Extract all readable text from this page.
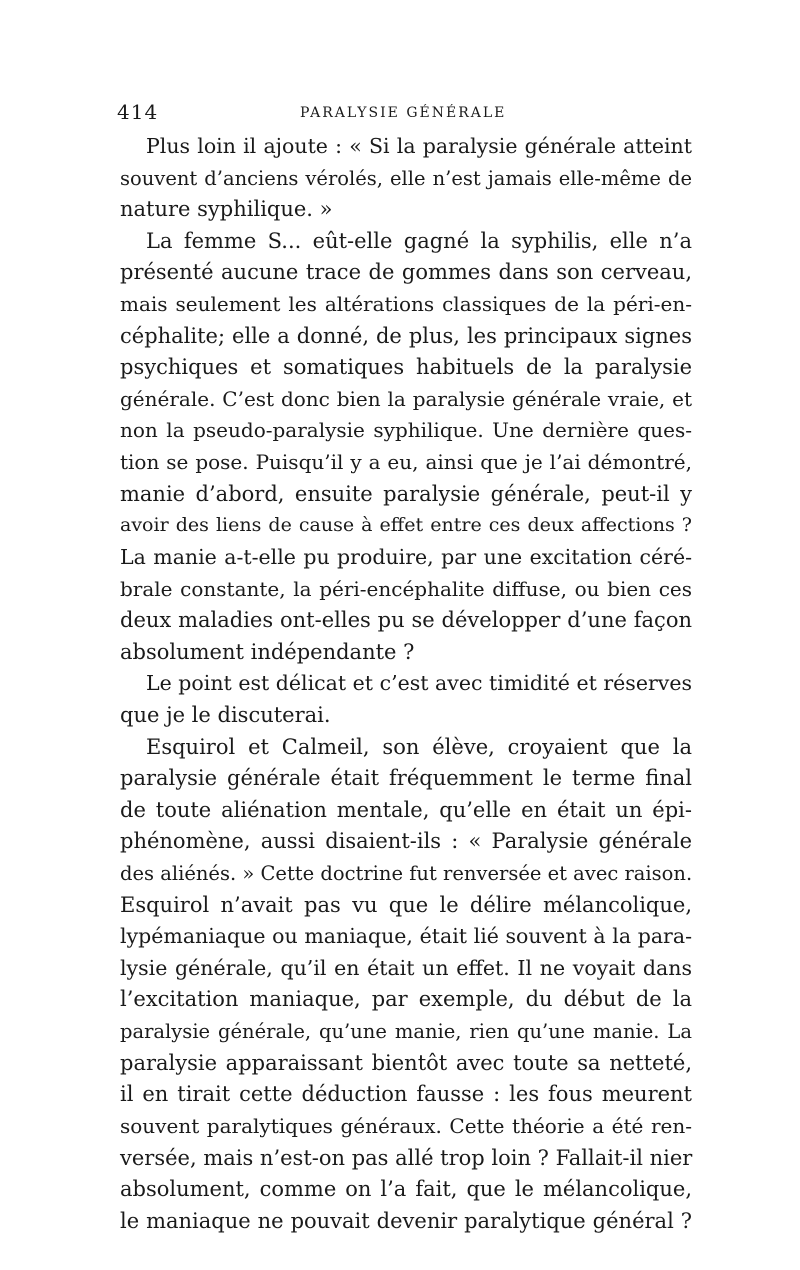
414	PARALYSIE GÉNÉRALE
Plus loin il ajoute : « Si la paralysie générale atteint
souvent d’anciens vérolés, elle n’est jamais elle-même de
nature syphilique. »
La femme S... eût-elle gagné la syphilis, elle n’a
présenté aucune trace de gommes dans son cerveau,
mais seulement les altérations classiques de la péri-en-
céphalite; elle a donné, de plus, les principaux signes
psychiques et somatiques habituels de la paralysie
générale. C’est donc bien la paralysie générale vraie, et
non la pseudo-paralysie syphilique. Une dernière ques-
tion se pose. Puisqu’il y a eu, ainsi que je l’ai démontré,
manie d’abord, ensuite paralysie générale, peut-il y
avoir des liens de cause à effet entre ces deux affections ?
La manie a-t-elle pu produire, par une excitation céré-
brale constante, la péri-encéphalite diffuse, ou bien ces
deux maladies ont-elles pu se développer d’une façon
absolument indépendante ?
Le point est délicat et c’est avec timidité et réserves
que je le discuterai.
Esquirol et Calmeil, son élève, croyaient que la
paralysie générale était fréquemment le terme final
de toute aliénation mentale, qu’elle en était un épi-
phénomène, aussi disaient-ils : « Paralysie générale
des aliénés. » Cette doctrine fut renversée et avec raison.
Esquirol n’avait pas vu que le délire mélancolique,
lypémaniaque ou maniaque, était lié souvent à la para-
lysie générale, qu’il en était un effet. Il ne voyait dans
l’excitation maniaque, par exemple, du début de la
paralysie générale, qu’une manie, rien qu’une manie. La
paralysie apparaissant bientôt avec toute sa netteté,
il en tirait cette déduction fausse : les fous meurent
souvent paralytiques généraux. Cette théorie a été ren-
versée, mais n’est-on pas allé trop loin ? Fallait-il nier
absolument, comme on l’a fait, que le mélancolique,
le maniaque ne pouvait devenir paralytique général ?
